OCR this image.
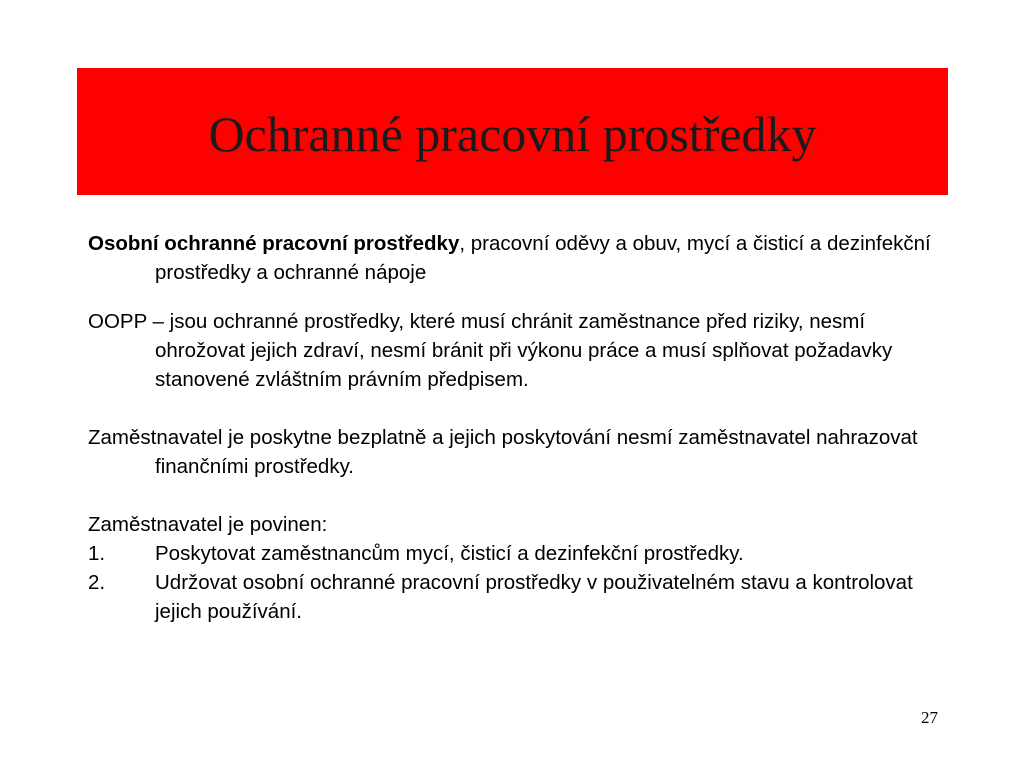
Ochranné pracovní prostředky

Osobní ochranné pracovní prostředky, pracovní oděvy a obuv, mycí a čisticí a dezinfekční prostředky a ochranné nápoje

OOPP – jsou ochranné prostředky, které musí chránit zaměstnance před riziky, nesmí ohrožovat jejich zdraví, nesmí bránit při výkonu práce a musí splňovat požadavky stanovené zvláštním právním předpisem.

Zaměstnavatel je poskytne bezplatně a jejich poskytování nesmí zaměstnavatel nahrazovat finančními prostředky.

Zaměstnavatel je povinen:

1.	Poskytovat zaměstnancům mycí, čisticí a dezinfekční prostředky.
2.	Udržovat osobní ochranné pracovní prostředky v použivatelném stavu a kontrolovat jejich používání.
27
